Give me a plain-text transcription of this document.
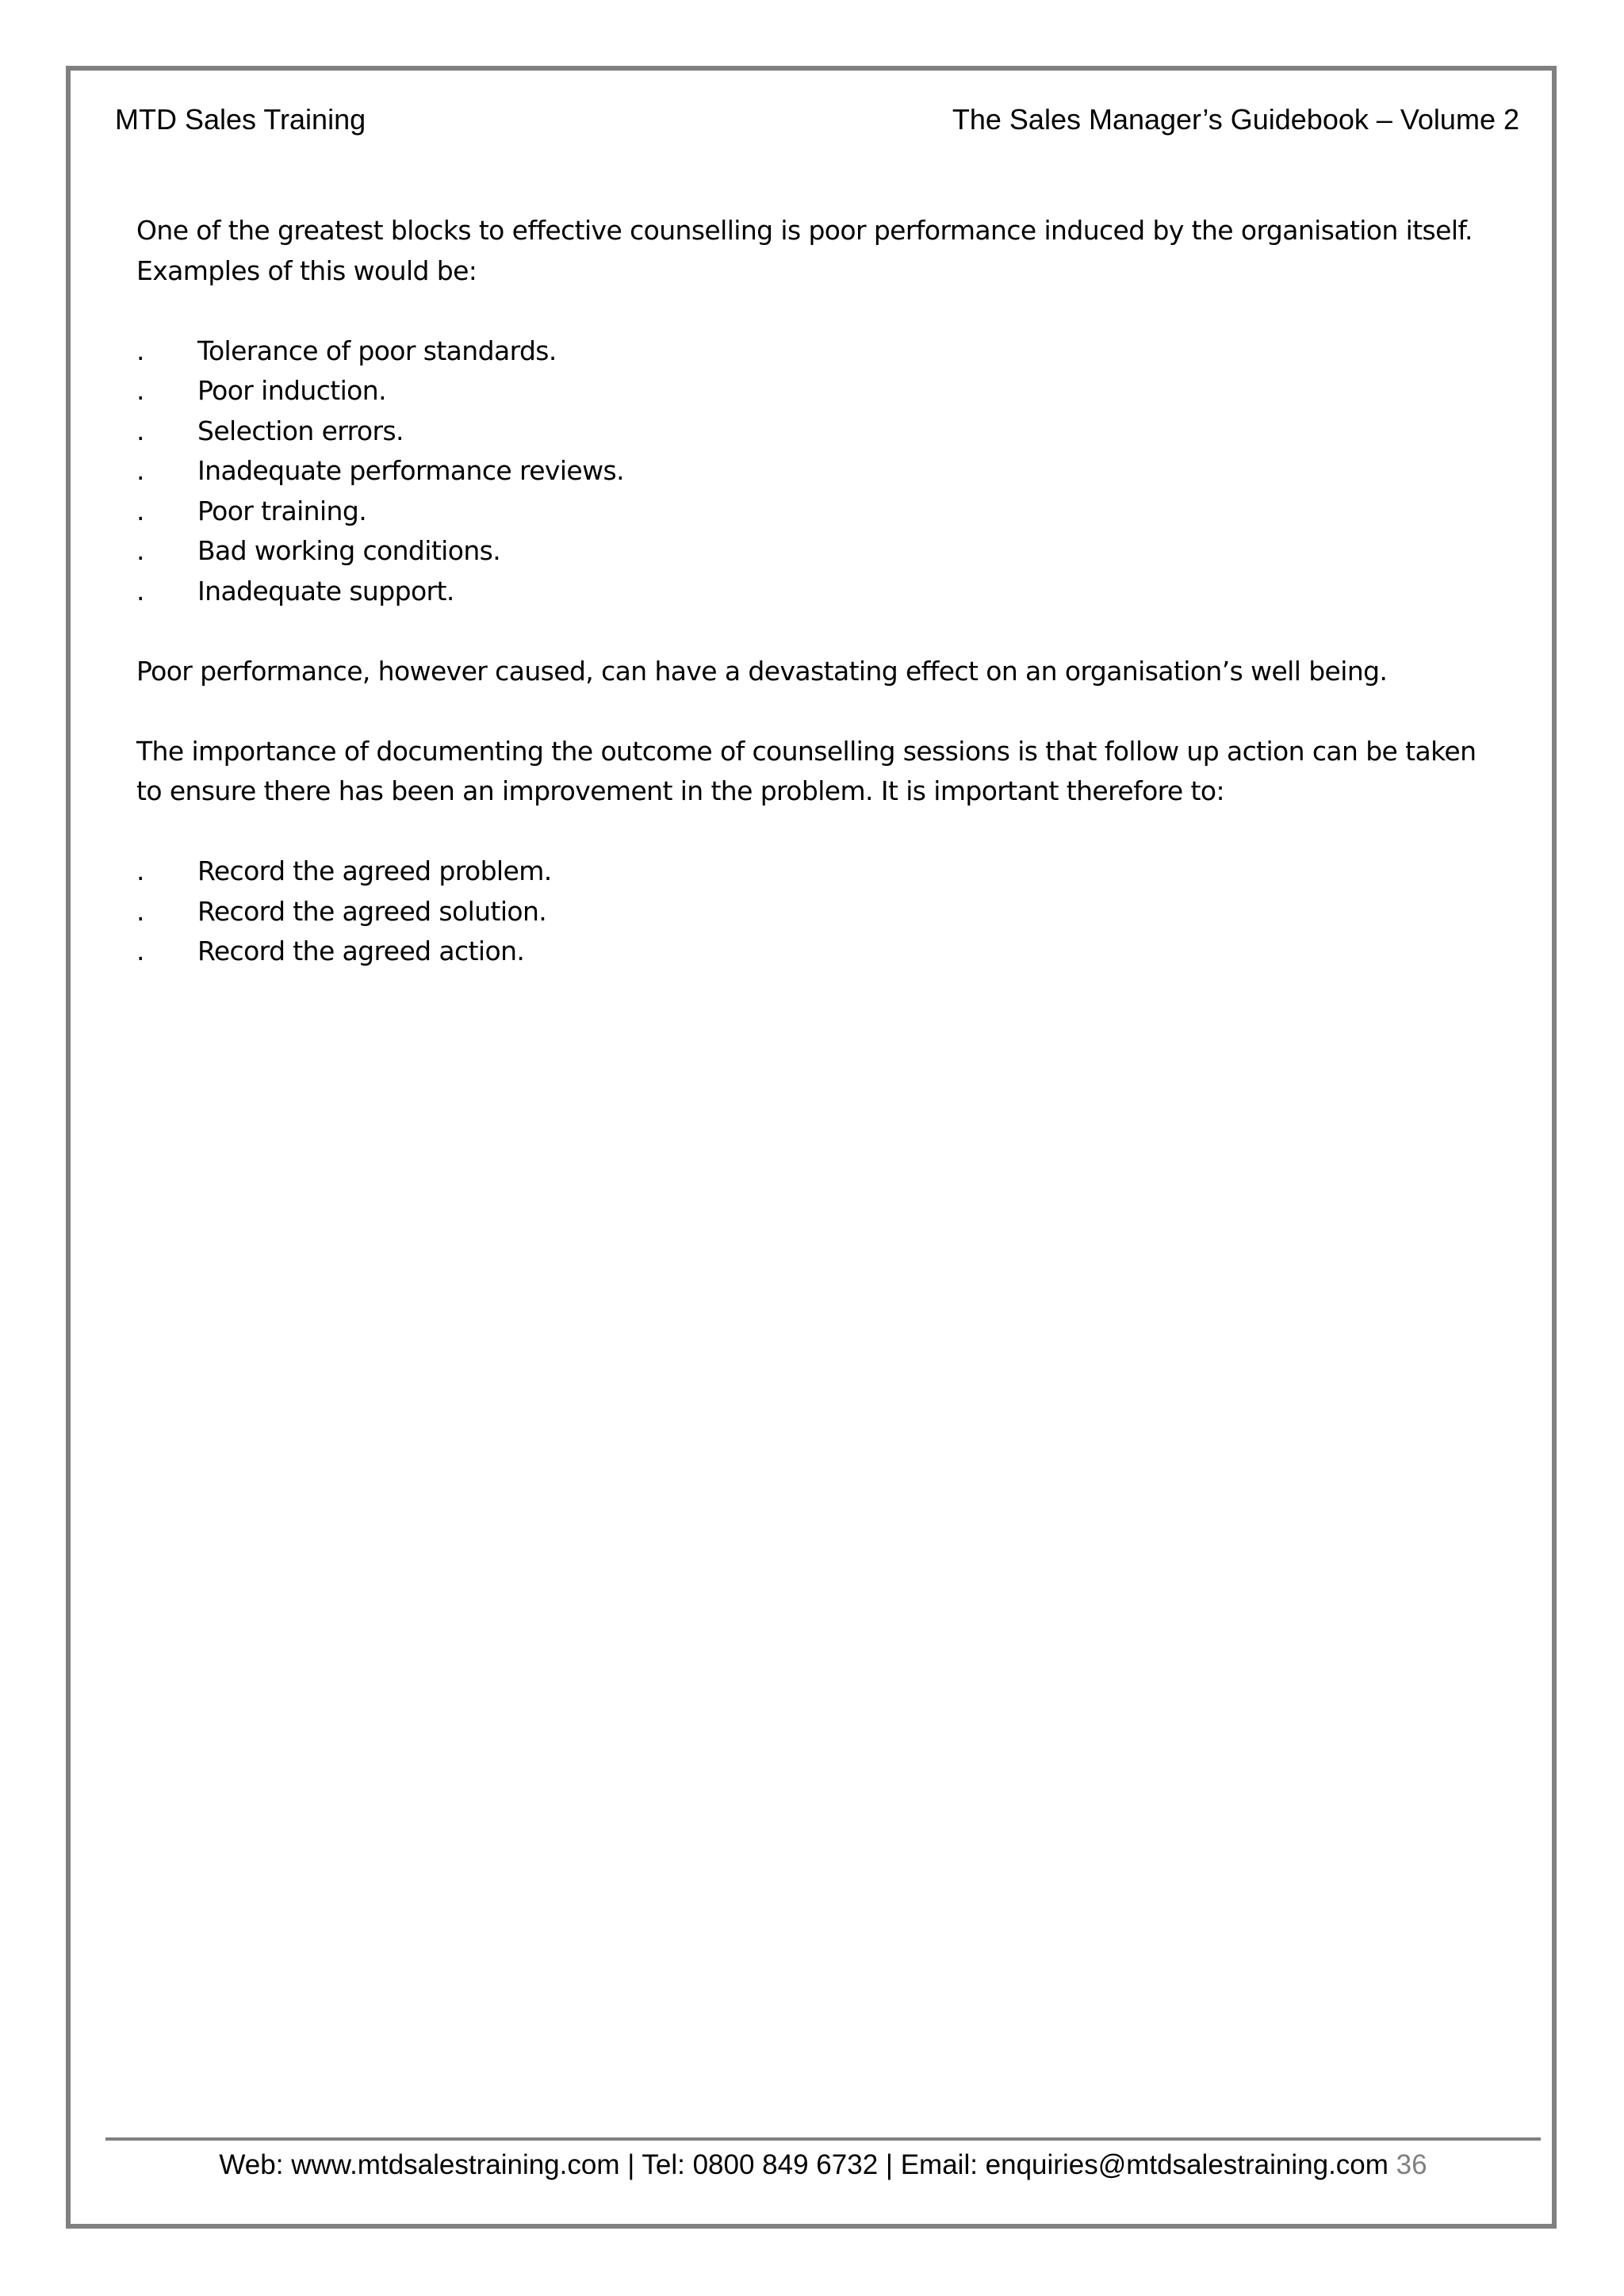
MTD Sales Training	The Sales Manager’s Guidebook – Volume 2

One of the greatest blocks to effective counselling is poor performance induced by the organisation itself. Examples of this would be:

. Tolerance of poor standards.
. Poor induction.
. Selection errors.
. Inadequate performance reviews.
. Poor training.
. Bad working conditions.
. Inadequate support.

Poor performance, however caused, can have a devastating effect on an organisation’s well being.

The importance of documenting the outcome of counselling sessions is that follow up action can be taken to ensure there has been an improvement in the problem. It is important therefore to:

. Record the agreed problem.
. Record the agreed solution.
. Record the agreed action.
Web: www.mtdsalestraining.com | Tel: 0800 849 6732 | Email: enquiries@mtdsalestraining.com 36
